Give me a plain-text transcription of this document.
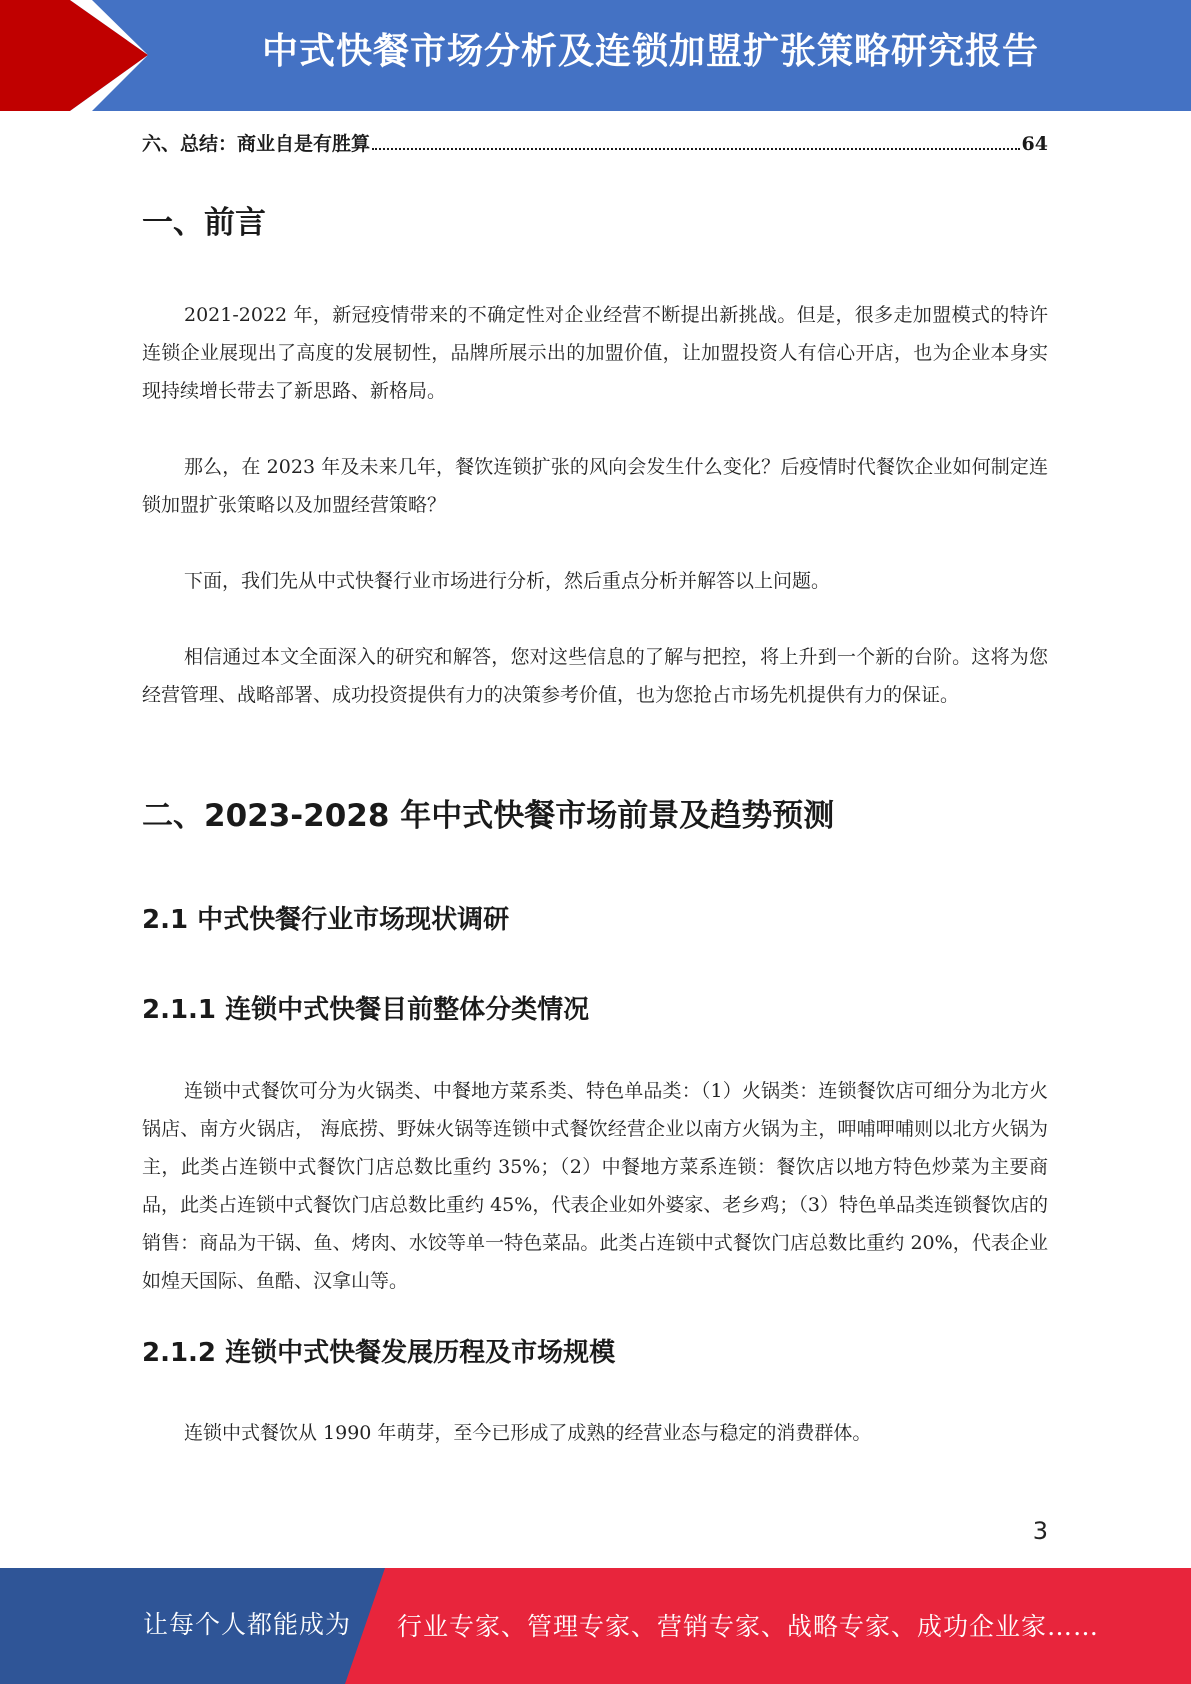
中式快餐市场分析及连锁加盟扩张策略研究报告
六、总结：商业自是有胜算	64
一、前言

2021-2022 年，新冠疫情带来的不确定性对企业经营不断提出新挑战。但是，很多走加盟模式的特许连锁企业展现出了高度的发展韧性，品牌所展示出的加盟价值，让加盟投资人有信心开店，也为企业本身实现持续增长带去了新思路、新格局。

那么，在 2023 年及未来几年，餐饮连锁扩张的风向会发生什么变化？后疫情时代餐饮企业如何制定连锁加盟扩张策略以及加盟经营策略？

下面，我们先从中式快餐行业市场进行分析，然后重点分析并解答以上问题。

相信通过本文全面深入的研究和解答，您对这些信息的了解与把控，将上升到一个新的台阶。这将为您经营管理、战略部署、成功投资提供有力的决策参考价值，也为您抢占市场先机提供有力的保证。

二、2023-2028 年中式快餐市场前景及趋势预测
2.1 中式快餐行业市场现状调研
2.1.1 连锁中式快餐目前整体分类情况

连锁中式餐饮可分为火锅类、中餐地方菜系类、特色单品类：（1）火锅类：连锁餐饮店可细分为北方火锅店、南方火锅店， 海底捞、野妹火锅等连锁中式餐饮经营企业以南方火锅为主，呷哺呷哺则以北方火锅为主，此类占连锁中式餐饮门店总数比重约 35%；（2）中餐地方菜系连锁：餐饮店以地方特色炒菜为主要商品，此类占连锁中式餐饮门店总数比重约 45%，代表企业如外婆家、老乡鸡；（3）特色单品类连锁餐饮店的销售：商品为干锅、鱼、烤肉、水饺等单一特色菜品。此类占连锁中式餐饮门店总数比重约 20%，代表企业如煌天国际、鱼酷、汉拿山等。

2.1.2 连锁中式快餐发展历程及市场规模

连锁中式餐饮从 1990 年萌芽，至今已形成了成熟的经营业态与稳定的消费群体。

3
让每个人都能成为 行业专家、管理专家、营销专家、战略专家、成功企业家……
